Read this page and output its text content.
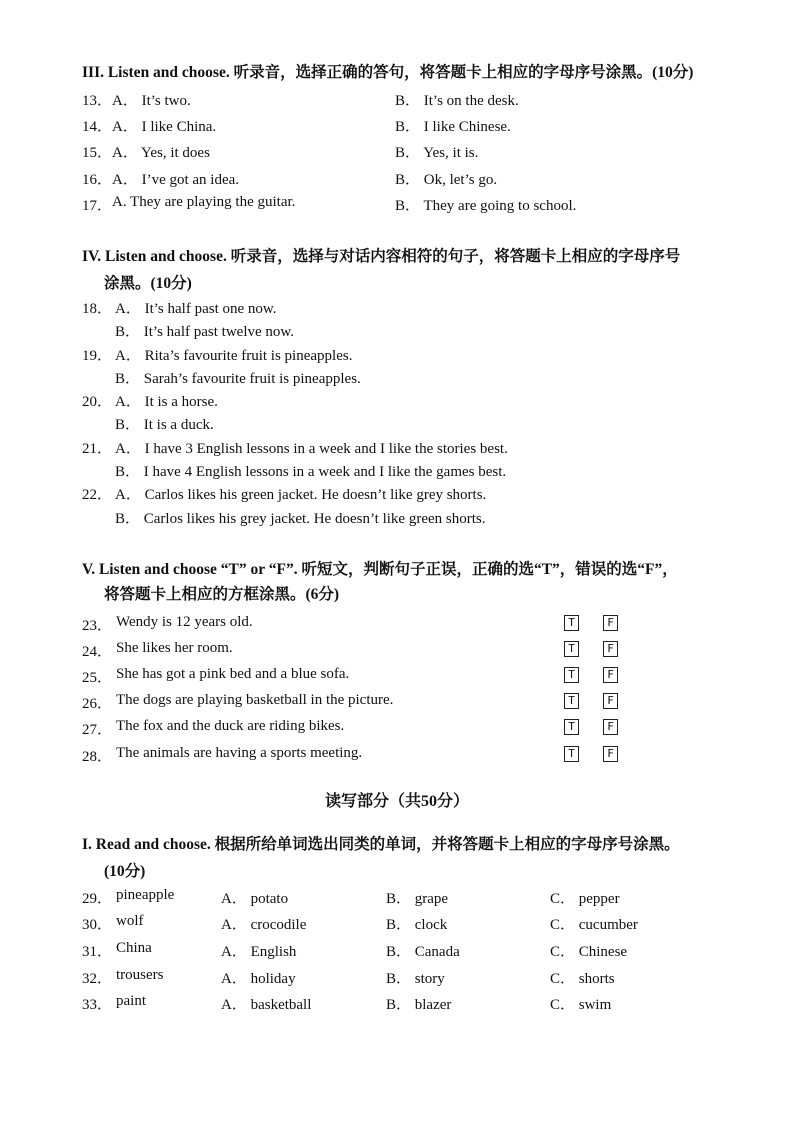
III. Listen and choose. 听录音，选择正确的答句，将答题卡上相应的字母序号涂黑。(10分)
13． A． It’s two.	B． It’s on the desk.
14． A． I like China.	B． I like Chinese.
15． A． Yes, it does	B． Yes, it is.
16． A． I’ve got an idea.	B． Ok, let’s go.
17． A. They are playing the guitar.	B． They are going to school.
IV. Listen and choose. 听录音，选择与对话内容相符的句子，将答题卡上相应的字母序号
涂黑。(10分)
18． A． It’s half past one now.
B． It’s half past twelve now.
19． A． Rita’s favourite fruit is pineapples.
B． Sarah’s favourite fruit is pineapples.
20． A． It is a horse.
B． It is a duck.
21． A． I have 3 English lessons in a week and I like the stories best.
B． I have 4 English lessons in a week and I like the games best.
22． A． Carlos likes his green jacket. He doesn’t like grey shorts.
B． Carlos likes his grey jacket. He doesn’t like green shorts.
V. Listen and choose “T” or “F”. 听短文，判断句子正误，正确的选“T”，错误的选“F”，
将答题卡上相应的方框涂黑。(6分)
23． Wendy is 12 years old.	T	F
24． She likes her room.	T	F
25． She has got a pink bed and a blue sofa.	T	F
26． The dogs are playing basketball in the picture.	T	F
27． The fox and the duck are riding bikes.	T	F
28． The animals are having a sports meeting.	T	F
读写部分（共50分）
I. Read and choose. 根据所给单词选出同类的单词，并将答题卡上相应的字母序号涂黑。
(10分)
29． pineapple	A． potato	B． grape	C． pepper
30． wolf	A． crocodile	B． clock	C． cucumber
31． China	A． English	B． Canada	C． Chinese
32． trousers	A． holiday	B． story	C． shorts
33． paint	A． basketball	B． blazer	C． swim
